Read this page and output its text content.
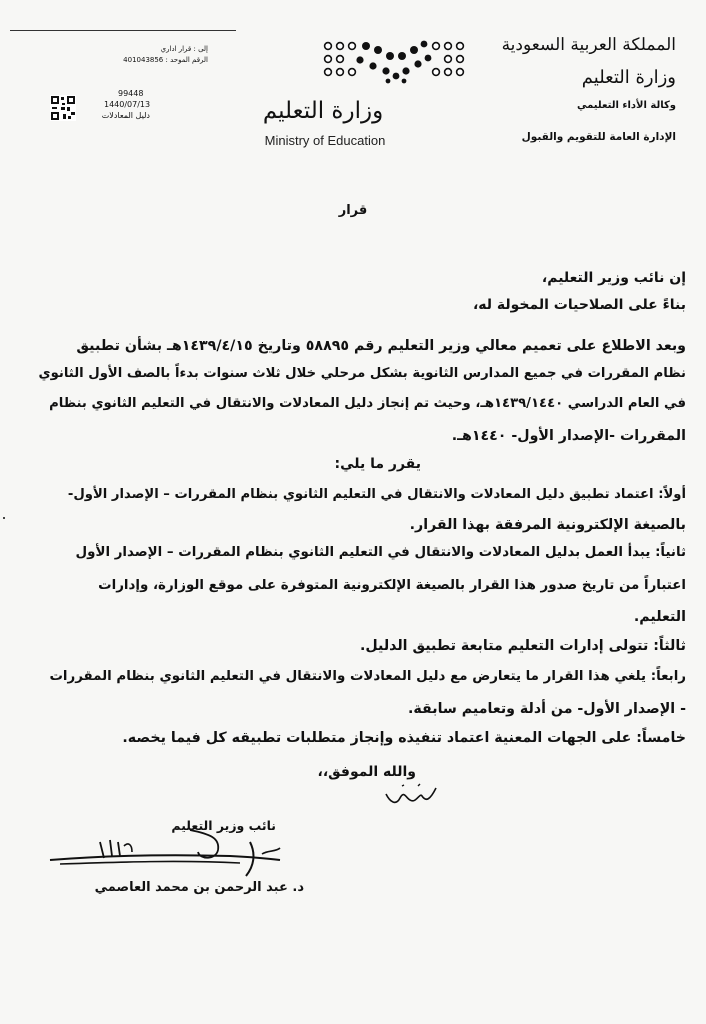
إلى : قرار اداري
الرقم الموحد : 401043856
99448
1440/07/13
دليل المعادلات	وزارة التعليم
Ministry of Education
المملكة العربية السعودية
وزارة التعليم
وكالة الأداء التعليمي
الإدارة العامة للتقويم والقبول
قرار
إن نائب وزير التعليم،
بناءً على الصلاحيات المخولة له،
وبعد الاطلاع على تعميم معالي وزير التعليم رقم ٥٨٨٩٥ وتاريخ ١٤٣٩/٤/١٥هـ بشأن تطبيق
نظام المقررات في جميع المدارس الثانوية بشكل مرحلي خلال ثلاث سنوات بدءاً بالصف الأول الثانوي
في العام الدراسي ١٤٣٩/١٤٤٠هـ، وحيث تم إنجاز دليل المعادلات والانتقال في التعليم الثانوي بنظام
المقررات -الإصدار الأول- ١٤٤٠هـ.
يقرر ما يلي:
أولاً: اعتماد تطبيق دليل المعادلات والانتقال في التعليم الثانوي بنظام المقررات – الإصدار الأول-
بالصيغة الإلكترونية المرفقة بهذا القرار.
ثانياً: يبدأ العمل بدليل المعادلات والانتقال في التعليم الثانوي بنظام المقررات – الإصدار الأول
اعتباراً من تاريخ صدور هذا القرار بالصيغة الإلكترونية المتوفرة على موقع الوزارة، وإدارات
التعليم.
ثالثاً: تتولى إدارات التعليم متابعة تطبيق الدليل.
رابعاً: يلغي هذا القرار ما يتعارض مع دليل المعادلات والانتقال في التعليم الثانوي بنظام المقررات
- الإصدار الأول- من أدلة وتعاميم سابقة.
خامساً: على الجهات المعنية اعتماد تنفيذه وإنجاز متطلبات تطبيقه كل فيما يخصه.
والله الموفق،،
نائب وزير التعليم
د. عبد الرحمن بن محمد العاصمي
